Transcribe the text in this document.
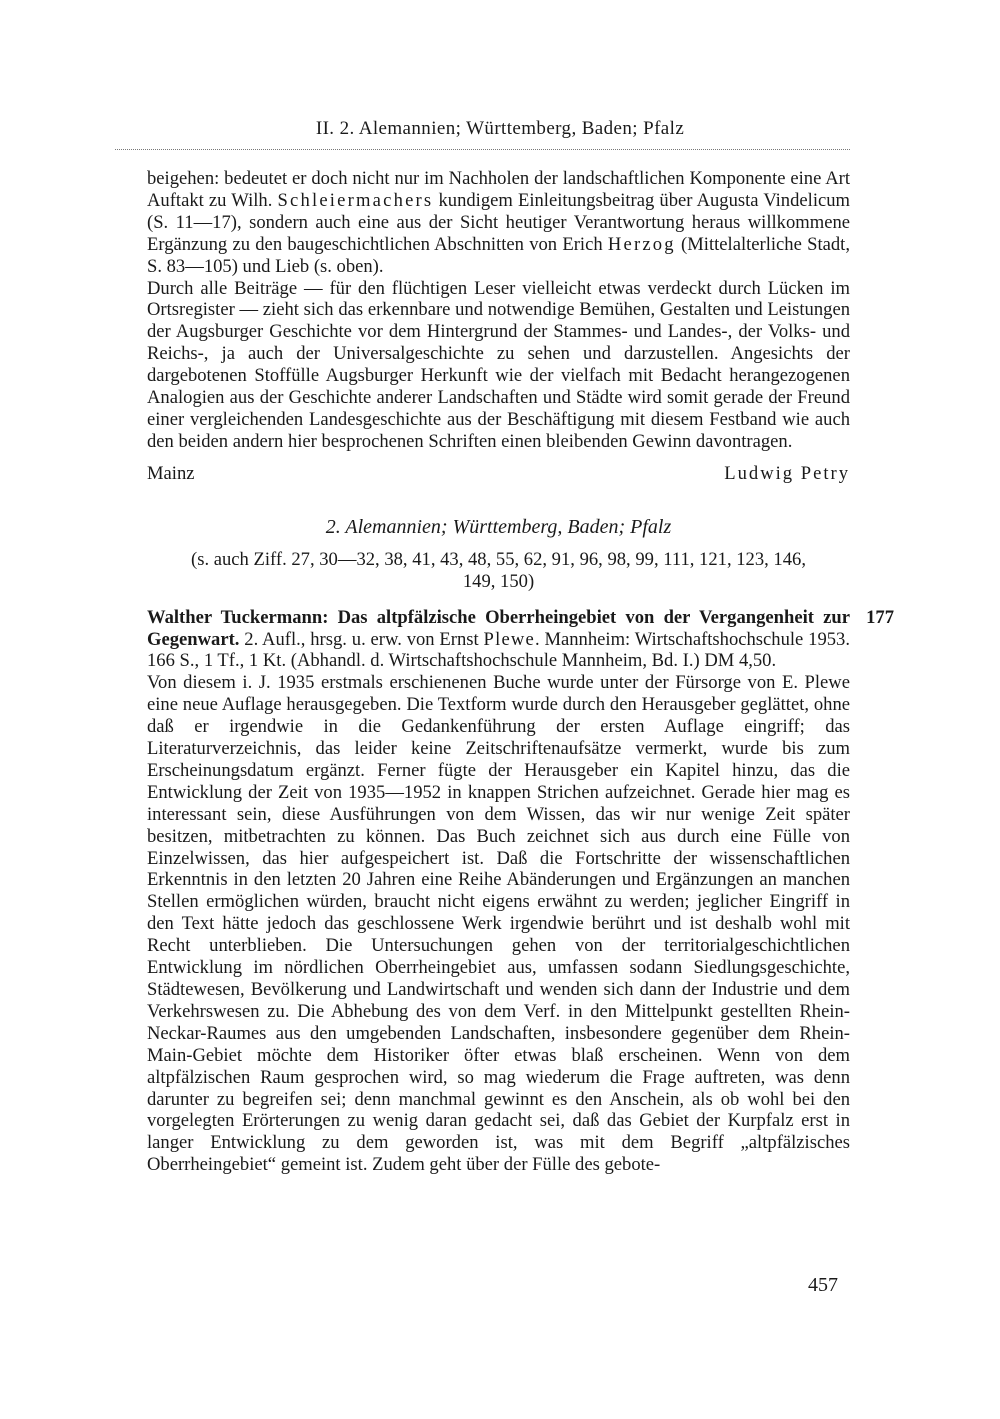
II. 2. Alemannien; Württemberg, Baden; Pfalz

beigehen: bedeutet er doch nicht nur im Nachholen der landschaftlichen Komponente eine Art Auftakt zu Wilh. Schleiermachers kundigem Einleitungsbeitrag über Augusta Vindelicum (S. 11—17), sondern auch eine aus der Sicht heutiger Verantwortung heraus willkommene Ergänzung zu den baugeschichtlichen Abschnitten von Erich Herzog (Mittelalterliche Stadt, S. 83—105) und Lieb (s. oben).

Durch alle Beiträge — für den flüchtigen Leser vielleicht etwas verdeckt durch Lücken im Ortsregister — zieht sich das erkennbare und notwendige Bemühen, Gestalten und Leistungen der Augsburger Geschichte vor dem Hintergrund der Stammes- und Landes-, der Volks- und Reichs-, ja auch der Universalgeschichte zu sehen und darzustellen. Angesichts der dargebotenen Stoffülle Augsburger Herkunft wie der vielfach mit Bedacht herangezogenen Analogien aus der Geschichte anderer Landschaften und Städte wird somit gerade der Freund einer vergleichenden Landesgeschichte aus der Beschäftigung mit diesem Festband wie auch den beiden andern hier besprochenen Schriften einen bleibenden Gewinn davontragen.

Mainz	Ludwig Petry
2. Alemannien; Württemberg, Baden; Pfalz
(s. auch Ziff. 27, 30—32, 38, 41, 43, 48, 55, 62, 91, 96, 98, 99, 111, 121, 123, 146,
149, 150)
177

Walther Tuckermann: Das altpfälzische Oberrheingebiet von der Vergangenheit zur Gegenwart. 2. Aufl., hrsg. u. erw. von Ernst Plewe. Mannheim: Wirtschaftshochschule 1953. 166 S., 1 Tf., 1 Kt. (Abhandl. d. Wirtschaftshochschule Mannheim, Bd. I.) DM 4,50.

Von diesem i. J. 1935 erstmals erschienenen Buche wurde unter der Fürsorge von E. Plewe eine neue Auflage herausgegeben. Die Textform wurde durch den Herausgeber geglättet, ohne daß er irgendwie in die Gedankenführung der ersten Auflage eingriff; das Literaturverzeichnis, das leider keine Zeitschriftenaufsätze vermerkt, wurde bis zum Erscheinungsdatum ergänzt. Ferner fügte der Herausgeber ein Kapitel hinzu, das die Entwicklung der Zeit von 1935—1952 in knappen Strichen aufzeichnet. Gerade hier mag es interessant sein, diese Ausführungen von dem Wissen, das wir nur wenige Zeit später besitzen, mitbetrachten zu können. Das Buch zeichnet sich aus durch eine Fülle von Einzelwissen, das hier aufgespeichert ist. Daß die Fortschritte der wissenschaftlichen Erkenntnis in den letzten 20 Jahren eine Reihe Abänderungen und Ergänzungen an manchen Stellen ermöglichen würden, braucht nicht eigens erwähnt zu werden; jeglicher Eingriff in den Text hätte jedoch das geschlossene Werk irgendwie berührt und ist deshalb wohl mit Recht unterblieben. Die Untersuchungen gehen von der territorialgeschichtlichen Entwicklung im nördlichen Oberrheingebiet aus, umfassen sodann Siedlungsgeschichte, Städtewesen, Bevölkerung und Landwirtschaft und wenden sich dann der Industrie und dem Verkehrswesen zu. Die Abhebung des von dem Verf. in den Mittelpunkt gestellten Rhein-Neckar-Raumes aus den umgebenden Landschaften, insbesondere gegenüber dem Rhein-Main-Gebiet möchte dem Historiker öfter etwas blaß erscheinen. Wenn von dem altpfälzischen Raum gesprochen wird, so mag wiederum die Frage auftreten, was denn darunter zu begreifen sei; denn manchmal gewinnt es den Anschein, als ob wohl bei den vorgelegten Erörterungen zu wenig daran gedacht sei, daß das Gebiet der Kurpfalz erst in langer Entwicklung zu dem geworden ist, was mit dem Begriff „altpfälzisches Oberrheingebiet“ gemeint ist. Zudem geht über der Fülle des gebote-

457
